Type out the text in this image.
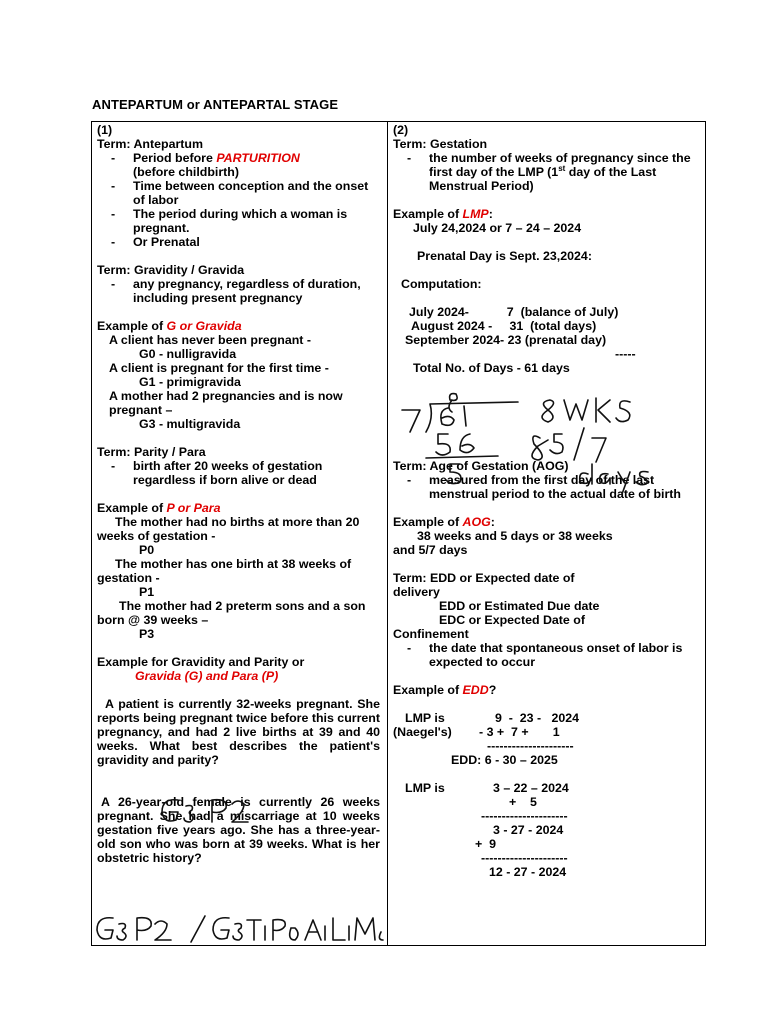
ANTEPARTUM or ANTEPARTAL STAGE
(1)
Term: Antepartum
- Period before PARTURITION
(before childbirth)
- Time between conception and the onset of labor
- The period during which a woman is pregnant.
- Or Prenatal
Term: Gravidity / Gravida
- any pregnancy, regardless of duration, including present pregnancy
Example of G or Gravida
A client has never been pregnant -
G0 - nulligravida
A client is pregnant for the first time -
G1 - primigravida
A mother had 2 pregnancies and is now pregnant –
G3 - multigravida
Term: Parity / Para
- birth after 20 weeks of gestation regardless if born alive or dead
Example of P or Para
The mother had no births at more than 20 weeks of gestation -
P0
The mother has one birth at 38 weeks of gestation -
P1
The mother had 2 preterm sons and a son born @ 39 weeks –
P3
Example for Gravidity and Parity or
Gravida (G) and Para (P)
A patient is currently 32-weeks pregnant. She reports being pregnant twice before this current pregnancy, and had 2 live births at 39 and 40 weeks. What best describes the patient's gravidity and parity?
A 26-year-old female is currently 26 weeks pregnant. She had a miscarriage at 10 weeks gestation five years ago. She has a three-year-old son who was born at 39 weeks. What is her obstetric history?
(2)
Term: Gestation
- the number of weeks of pregnancy since the first day of the LMP (1st day of the Last Menstrual Period)
Example of LMP:
July 24,2024 or 7 – 24 – 2024
Prenatal Day is Sept. 23,2024:
Computation:
July 2024-           7  (balance of July)
August 2024 -     31  (total days)
September 2024- 23 (prenatal day)
-----
Total No. of Days - 61 days
Term: Age of Gestation (AOG)
- measured from the first day of the last menstrual period to the actual date of birth
Example of AOG:
38 weeks and 5 days or 38 weeks
and 5/7 days
Term: EDD or Expected date of
delivery
EDD or Estimated Due date
EDC or Expected Date of
Confinement
- the date that spontaneous onset of labor is expected to occur
Example of EDD?
LMP is	9  -  23 -   2024
(Naegel's) - 3 +  7 +       1
---------------------
EDD: 6 - 30 – 2025
LMP is	3 – 22 – 2024
+    5
---------------------
3 - 27 - 2024
+  9
---------------------
12 - 27 - 2024
